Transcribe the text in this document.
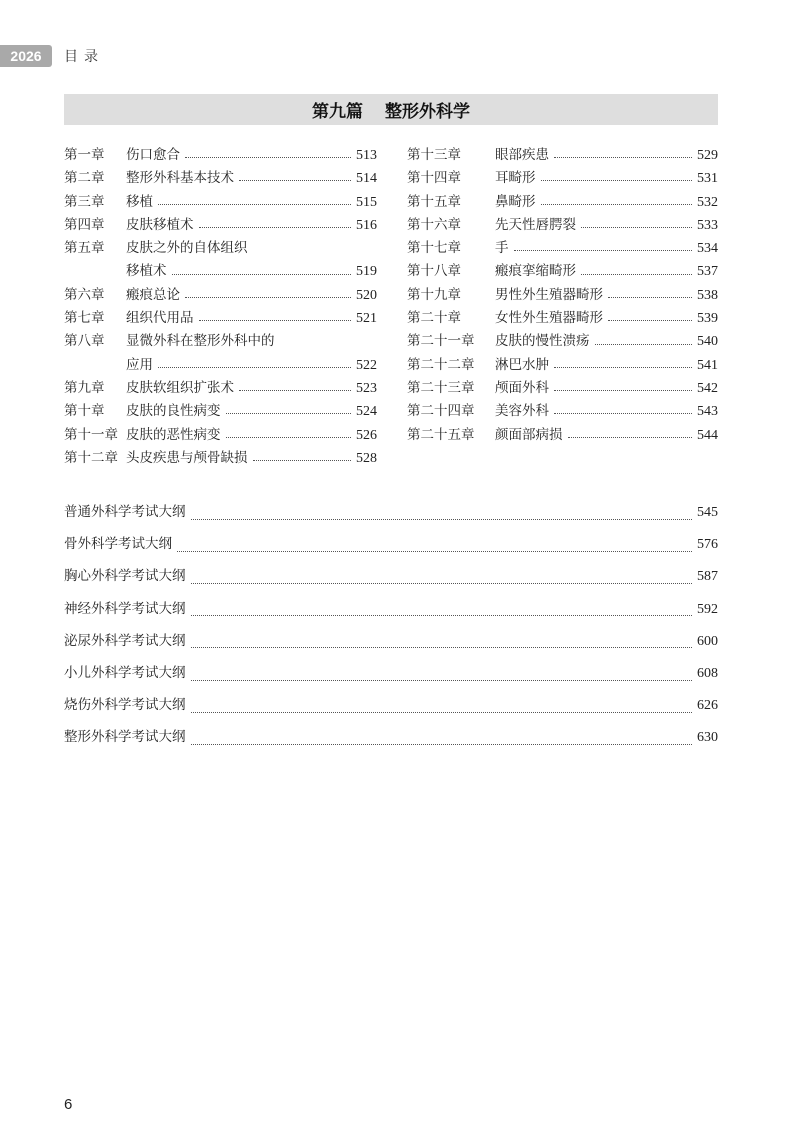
2026	目录
第九篇 整形外科学
第一章	伤口愈合	513
第二章	整形外科基本技术	514
第三章	移植	515
第四章	皮肤移植术	516
第五章	皮肤之外的自体组织
移植术	519
第六章	瘢痕总论	520
第七章	组织代用品	521
第八章	显微外科在整形外科中的
应用	522
第九章	皮肤软组织扩张术	523
第十章	皮肤的良性病变	524
第十一章 皮肤的恶性病变	526
第十二章 头皮疾患与颅骨缺损	528
第十三章	眼部疾患	529
第十四章	耳畸形	531
第十五章	鼻畸形	532
第十六章	先天性唇腭裂	533
第十七章	手	534
第十八章	瘢痕挛缩畸形	537
第十九章	男性外生殖器畸形	538
第二十章	女性外生殖器畸形	539
第二十一章	皮肤的慢性溃疡	540
第二十二章	淋巴水肿	541
第二十三章	颅面外科	542
第二十四章	美容外科	543
第二十五章	颜面部病损	544
普通外科学考试大纲	545
骨外科学考试大纲	576
胸心外科学考试大纲	587
神经外科学考试大纲	592
泌尿外科学考试大纲	600
小儿外科学考试大纲	608
烧伤外科学考试大纲	626
整形外科学考试大纲	630
6
